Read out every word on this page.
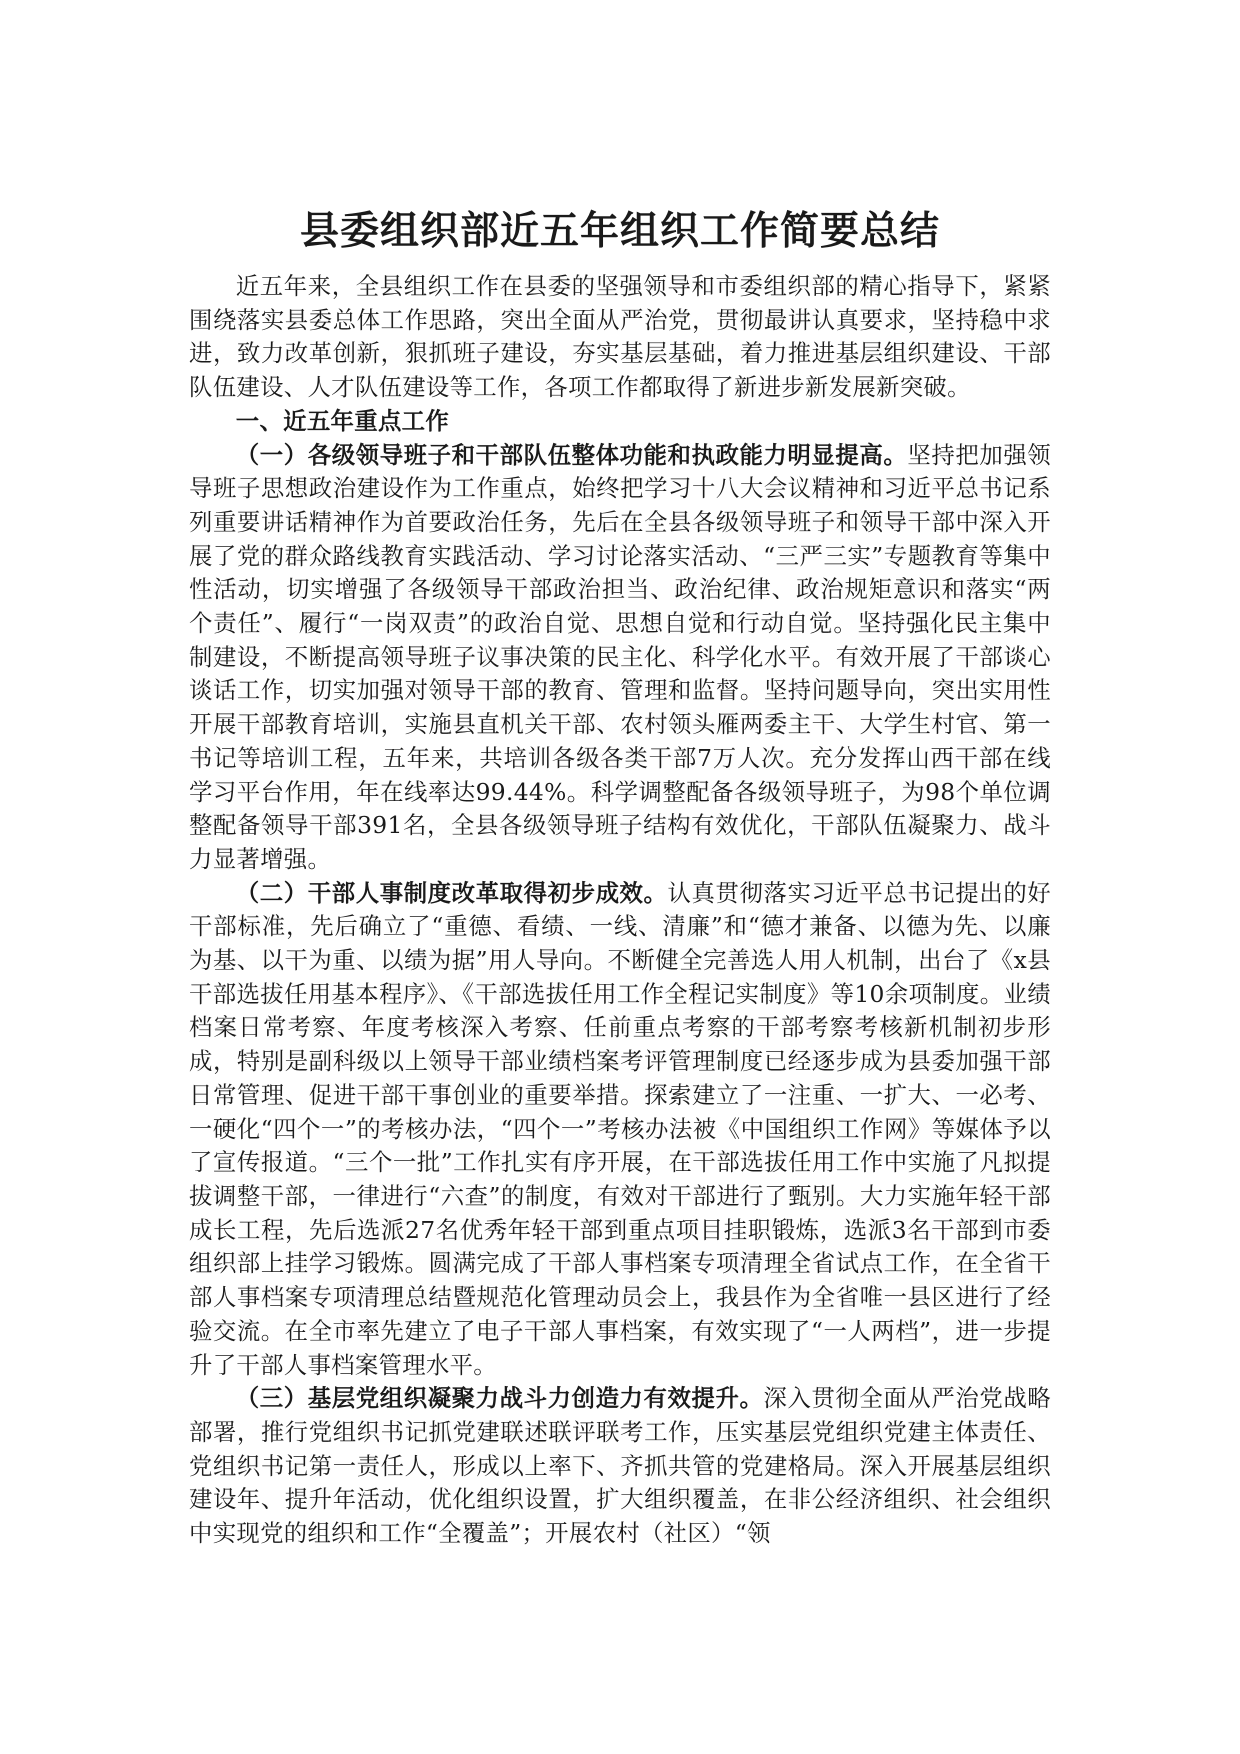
县委组织部近五年组织工作简要总结

近五年来，全县组织工作在县委的坚强领导和市委组织部的精心指导下，紧紧围绕落实县委总体工作思路，突出全面从严治党，贯彻最讲认真要求，坚持稳中求进，致力改革创新，狠抓班子建设，夯实基层基础，着力推进基层组织建设、干部队伍建设、人才队伍建设等工作，各项工作都取得了新进步新发展新突破。

一、近五年重点工作

（一）各级领导班子和干部队伍整体功能和执政能力明显提高。坚持把加强领导班子思想政治建设作为工作重点，始终把学习十八大会议精神和习近平总书记系列重要讲话精神作为首要政治任务，先后在全县各级领导班子和领导干部中深入开展了党的群众路线教育实践活动、学习讨论落实活动、“三严三实”专题教育等集中性活动，切实增强了各级领导干部政治担当、政治纪律、政治规矩意识和落实“两个责任”、履行“一岗双责”的政治自觉、思想自觉和行动自觉。坚持强化民主集中制建设，不断提高领导班子议事决策的民主化、科学化水平。有效开展了干部谈心谈话工作，切实加强对领导干部的教育、管理和监督。坚持问题导向，突出实用性开展干部教育培训，实施县直机关干部、农村领头雁两委主干、大学生村官、第一书记等培训工程，五年来，共培训各级各类干部7万人次。充分发挥山西干部在线学习平台作用，年在线率达99.44%。科学调整配备各级领导班子，为98个单位调整配备领导干部391名，全县各级领导班子结构有效优化，干部队伍凝聚力、战斗力显著增强。

（二）干部人事制度改革取得初步成效。认真贯彻落实习近平总书记提出的好干部标准，先后确立了“重德、看绩、一线、清廉”和“德才兼备、以德为先、以廉为基、以干为重、以绩为据”用人导向。不断健全完善选人用人机制，出台了《x县干部选拔任用基本程序》、《干部选拔任用工作全程记实制度》等10余项制度。业绩档案日常考察、年度考核深入考察、任前重点考察的干部考察考核新机制初步形成，特别是副科级以上领导干部业绩档案考评管理制度已经逐步成为县委加强干部日常管理、促进干部干事创业的重要举措。探索建立了一注重、一扩大、一必考、一硬化“四个一”的考核办法，“四个一”考核办法被《中国组织工作网》等媒体予以了宣传报道。“三个一批”工作扎实有序开展，在干部选拔任用工作中实施了凡拟提拔调整干部，一律进行“六查”的制度，有效对干部进行了甄别。大力实施年轻干部成长工程，先后选派27名优秀年轻干部到重点项目挂职锻炼，选派3名干部到市委组织部上挂学习锻炼。圆满完成了干部人事档案专项清理全省试点工作，在全省干部人事档案专项清理总结暨规范化管理动员会上，我县作为全省唯一县区进行了经验交流。在全市率先建立了电子干部人事档案，有效实现了“一人两档”，进一步提升了干部人事档案管理水平。

（三）基层党组织凝聚力战斗力创造力有效提升。深入贯彻全面从严治党战略部署，推行党组织书记抓党建联述联评联考工作，压实基层党组织党建主体责任、党组织书记第一责任人，形成以上率下、齐抓共管的党建格局。深入开展基层组织建设年、提升年活动，优化组织设置，扩大组织覆盖，在非公经济组织、社会组织中实现党的组织和工作“全覆盖”；开展农村（社区）“领
